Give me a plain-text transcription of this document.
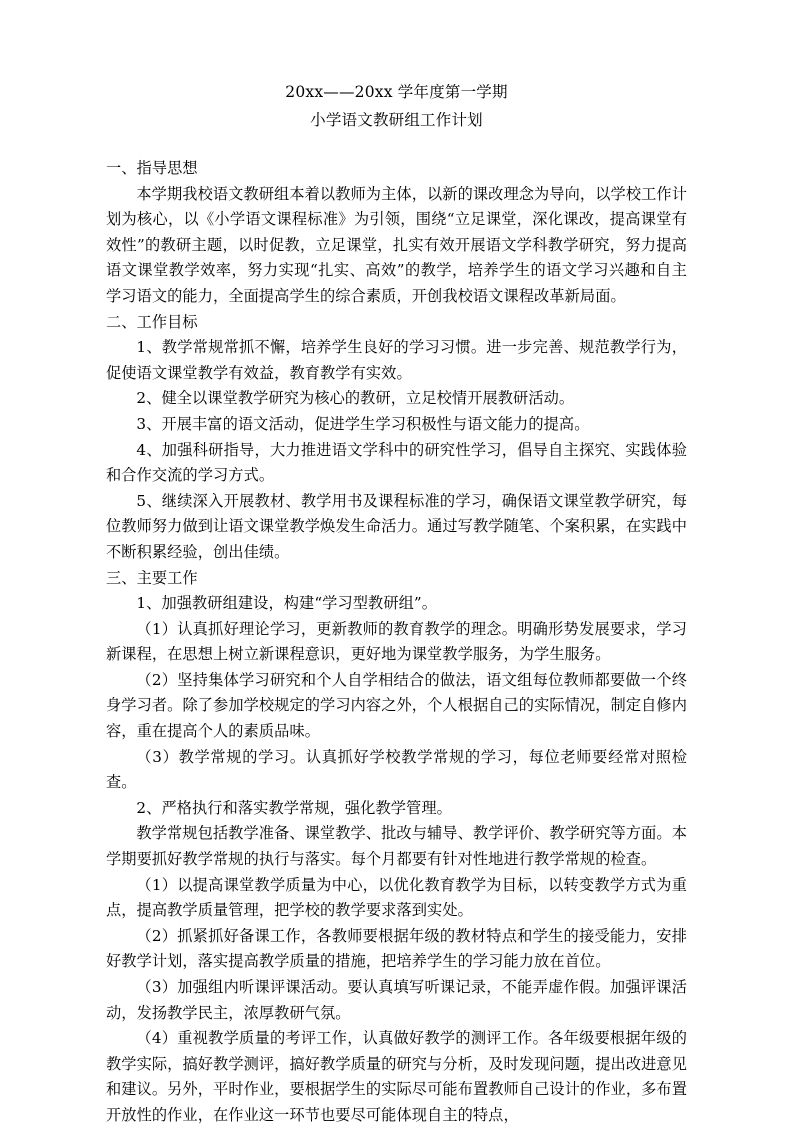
20xx——20xx 学年度第一学期
小学语文教研组工作计划

一、指导思想

本学期我校语文教研组本着以教师为主体，以新的课改理念为导向，以学校工作计划为核心，以《小学语文课程标准》为引领，围绕“立足课堂，深化课改，提高课堂有效性”的教研主题，以时促教，立足课堂，扎实有效开展语文学科教学研究，努力提高语文课堂教学效率，努力实现“扎实、高效”的教学，培养学生的语文学习兴趣和自主学习语文的能力，全面提高学生的综合素质，开创我校语文课程改革新局面。

二、工作目标

1、教学常规常抓不懈，培养学生良好的学习习惯。进一步完善、规范教学行为，促使语文课堂教学有效益，教育教学有实效。

2、健全以课堂教学研究为核心的教研，立足校情开展教研活动。

3、开展丰富的语文活动，促进学生学习积极性与语文能力的提高。

4、加强科研指导，大力推进语文学科中的研究性学习，倡导自主探究、实践体验和合作交流的学习方式。

5、继续深入开展教材、教学用书及课程标准的学习，确保语文课堂教学研究，每位教师努力做到让语文课堂教学焕发生命活力。通过写教学随笔、个案积累，在实践中不断积累经验，创出佳绩。

三、主要工作

1、加强教研组建设，构建“学习型教研组”。

（1）认真抓好理论学习，更新教师的教育教学的理念。明确形势发展要求，学习新课程，在思想上树立新课程意识，更好地为课堂教学服务，为学生服务。

（2）坚持集体学习研究和个人自学相结合的做法，语文组每位教师都要做一个终身学习者。除了参加学校规定的学习内容之外，个人根据自己的实际情况，制定自修内容，重在提高个人的素质品味。

（3）教学常规的学习。认真抓好学校教学常规的学习，每位老师要经常对照检查。

2、严格执行和落实教学常规，强化教学管理。

教学常规包括教学准备、课堂教学、批改与辅导、教学评价、教学研究等方面。本学期要抓好教学常规的执行与落实。每个月都要有针对性地进行教学常规的检查。

（1）以提高课堂教学质量为中心，以优化教育教学为目标，以转变教学方式为重点，提高教学质量管理，把学校的教学要求落到实处。

（2）抓紧抓好备课工作，各教师要根据年级的教材特点和学生的接受能力，安排好教学计划，落实提高教学质量的措施，把培养学生的学习能力放在首位。

（3）加强组内听课评课活动。要认真填写听课记录，不能弄虚作假。加强评课活动，发扬教学民主，浓厚教研气氛。

（4）重视教学质量的考评工作，认真做好教学的测评工作。各年级要根据年级的教学实际，搞好教学测评，搞好教学质量的研究与分析，及时发现问题，提出改进意见和建议。另外，平时作业，要根据学生的实际尽可能布置教师自己设计的作业，多布置开放性的作业，在作业这一环节也要尽可能体现自主的特点，
